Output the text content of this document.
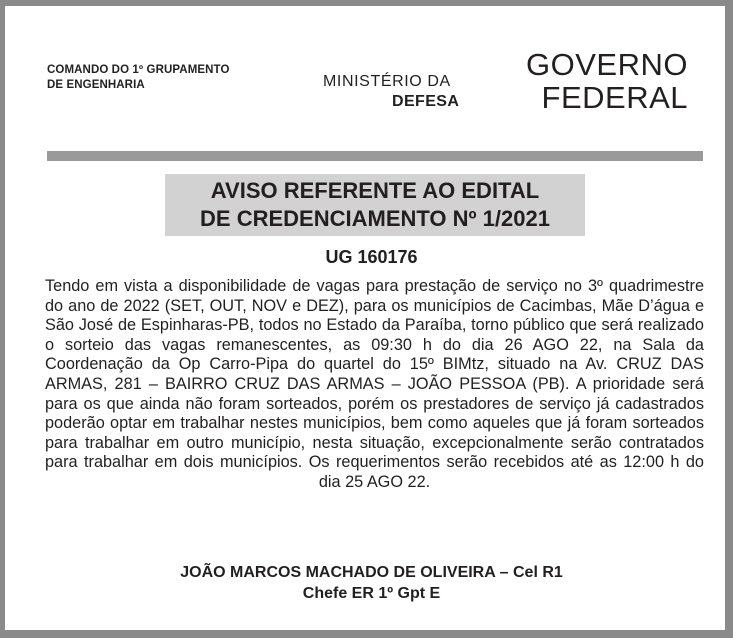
COMANDO DO 1º GRUPAMENTO
DE ENGENHARIA	MINISTÉRIO DA
DEFESA
GOVERNO
FEDERAL
AVISO REFERENTE AO EDITAL
DE CREDENCIAMENTO Nº 1/2021
UG 160176
Tendo em vista a disponibilidade de vagas para prestação de serviço no 3º quadrimestre do ano de 2022 (SET, OUT, NOV e DEZ), para os municípios de Cacimbas, Mãe D’água e São José de Espinharas-PB, todos no Estado da Paraíba, torno público que será realizado o sorteio das vagas remanescentes, as 09:30 h do dia 26 AGO 22, na Sala da Coordenação da Op Carro-Pipa do quartel do 15º BIMtz, situado na Av. CRUZ DAS ARMAS, 281 – BAIRRO CRUZ DAS ARMAS – JOÃO PESSOA (PB). A prioridade será para os que ainda não foram sorteados, porém os prestadores de serviço já cadastrados poderão optar em trabalhar nestes municípios, bem como aqueles que já foram sorteados para trabalhar em outro município, nesta situação, excepcionalmente serão contratados para trabalhar em dois municípios. Os requerimentos serão recebidos até as 12:00 h do dia 25 AGO 22.
JOÃO MARCOS MACHADO DE OLIVEIRA – Cel R1
Chefe ER 1º Gpt E
